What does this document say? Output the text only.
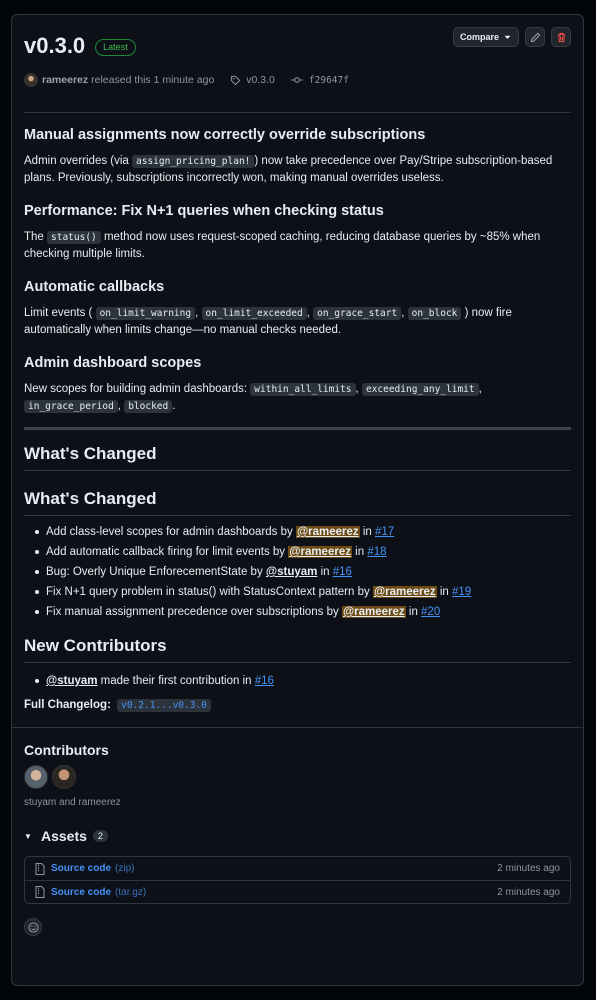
v0.3.0	Latest
Compare
rameerez released this 1 minute ago	v0.3.0	f29647f
Manual assignments now correctly override subscriptions

Admin overrides (via assign_pricing_plan! ) now take precedence over Pay/Stripe subscription-based plans. Previously, subscriptions incorrectly won, making manual overrides useless.

Performance: Fix N+1 queries when checking status

The status() method now uses request-scoped caching, reducing database queries by ~85% when checking multiple limits.

Automatic callbacks

Limit events ( on_limit_warning , on_limit_exceeded , on_grace_start , on_block ) now fire automatically when limits change—no manual checks needed.

Admin dashboard scopes

New scopes for building admin dashboards: within_all_limits , exceeding_any_limit , in_grace_period , blocked .

What's Changed
What's Changed
Add class-level scopes for admin dashboards by @rameerez in #17
Add automatic callback firing for limit events by @rameerez in #18
Bug: Overly Unique EnforecementState by @stuyam in #16
Fix N+1 query problem in status() with StatusContext pattern by @rameerez in #19
Fix manual assignment precedence over subscriptions by @rameerez in #20
New Contributors
@stuyam made their first contribution in #16
Full Changelog: v0.2.1...v0.3.0
Contributors
stuyam and rameerez
▼ Assets	2
Source code (zip)	2 minutes ago
Source code (tar.gz)	2 minutes ago
